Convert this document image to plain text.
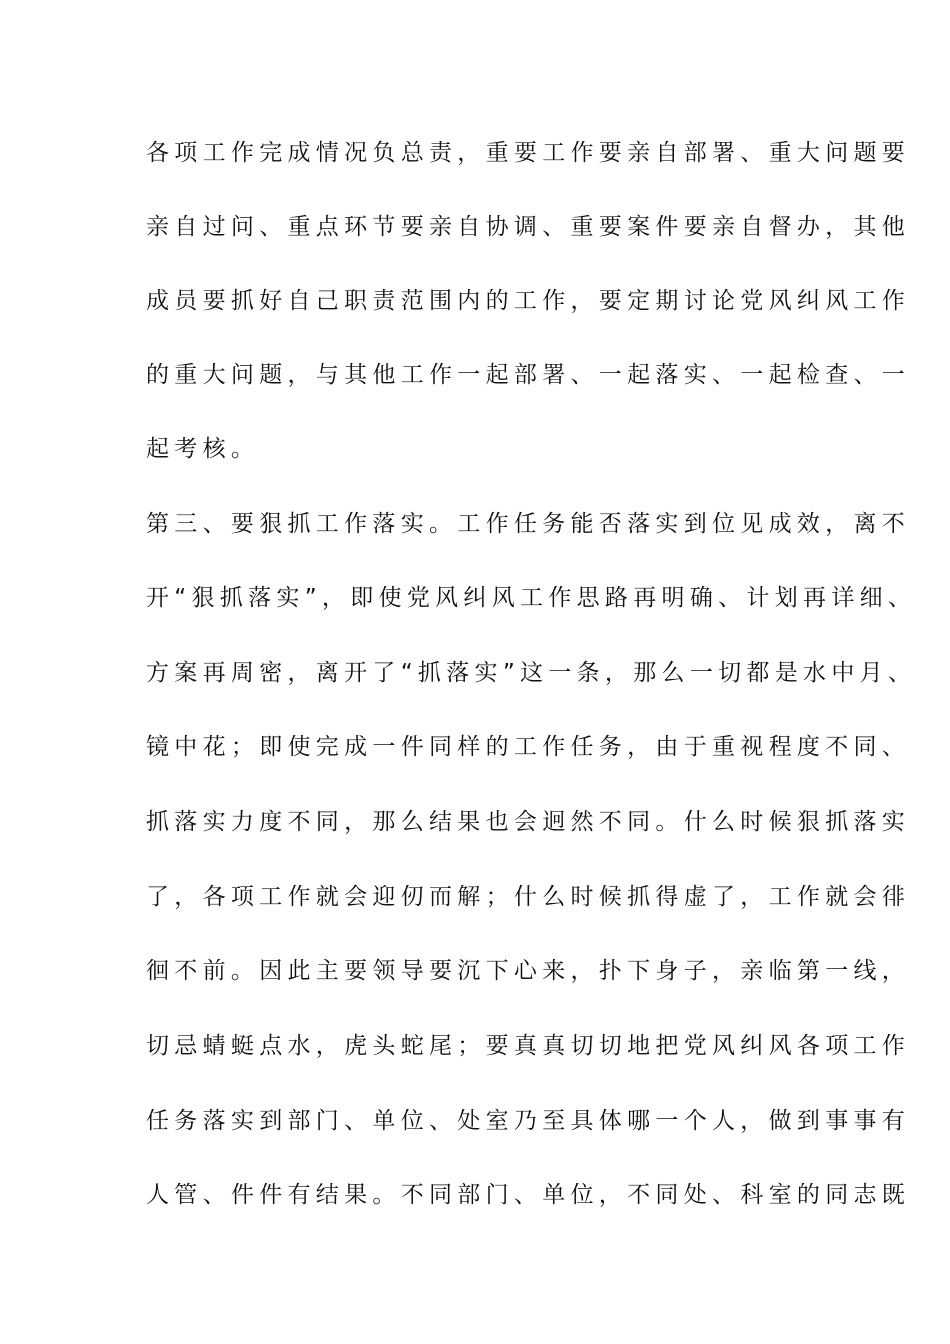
各项工作完成情况负总责，重要工作要亲自部署、重大问题要
亲自过问、重点环节要亲自协调、重要案件要亲自督办，其他
成员要抓好自己职责范围内的工作，要定期讨论党风纠风工作
的重大问题，与其他工作一起部署、一起落实、一起检查、一
起考核。
第三、要狠抓工作落实。工作任务能否落实到位见成效，离不
开“狠抓落实”，即使党风纠风工作思路再明确、计划再详细、
方案再周密，离开了“抓落实”这一条，那么一切都是水中月、
镜中花；即使完成一件同样的工作任务，由于重视程度不同、
抓落实力度不同，那么结果也会迥然不同。什么时候狠抓落实
了，各项工作就会迎仞而解；什么时候抓得虚了，工作就会徘
徊不前。因此主要领导要沉下心来，扑下身子，亲临第一线，
切忌蜻蜓点水，虎头蛇尾；要真真切切地把党风纠风各项工作
任务落实到部门、单位、处室乃至具体哪一个人，做到事事有
人管、件件有结果。不同部门、单位，不同处、科室的同志既
